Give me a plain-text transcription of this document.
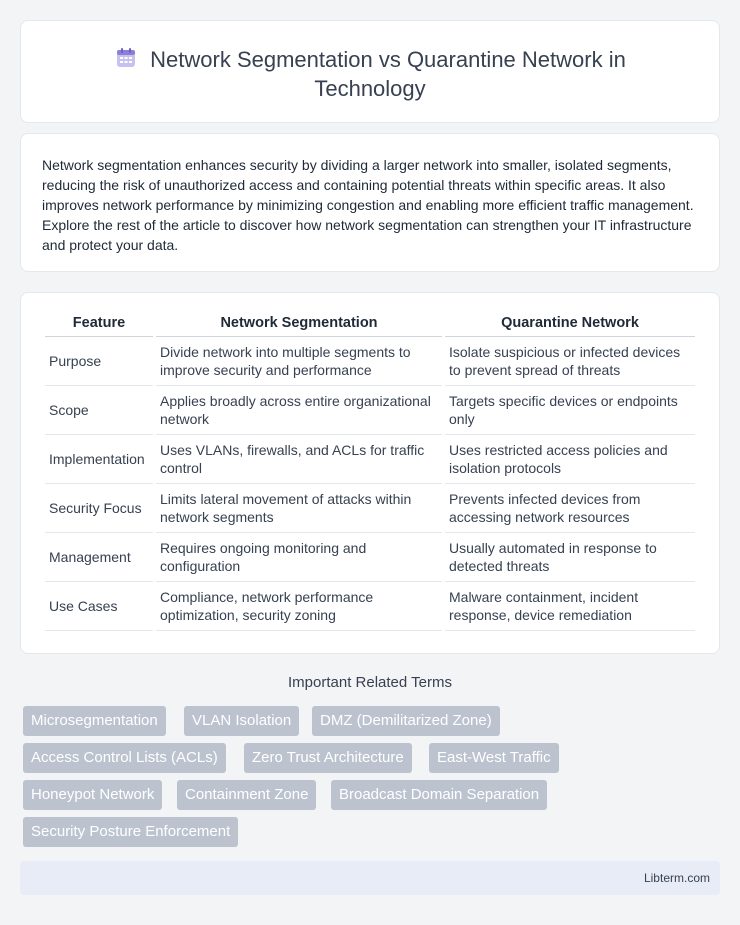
Network Segmentation vs Quarantine Network in
Technology

Network segmentation enhances security by dividing a larger network into smaller, isolated segments, reducing the risk of unauthorized access and containing potential threats within specific areas. It also improves network performance by minimizing congestion and enabling more efficient traffic management. Explore the rest of the article to discover how network segmentation can strengthen your IT infrastructure and protect your data.

Feature	Network Segmentation	Quarantine Network
Purpose	Divide network into multiple segments to improve security and performance	Isolate suspicious or infected devices to prevent spread of threats
Scope	Applies broadly across entire organizational network	Targets specific devices or endpoints only
Implementation	Uses VLANs, firewalls, and ACLs for traffic control	Uses restricted access policies and isolation protocols
Security Focus	Limits lateral movement of attacks within network segments	Prevents infected devices from accessing network resources
Management	Requires ongoing monitoring and configuration	Usually automated in response to detected threats
Use Cases	Compliance, network performance optimization, security zoning	Malware containment, incident response, device remediation
Important Related Terms
Microsegmentation	VLAN Isolation	DMZ (Demilitarized Zone)
Access Control Lists (ACLs)	Zero Trust Architecture	East-West Traffic
Honeypot Network	Containment Zone	Broadcast Domain Separation
Security Posture Enforcement
Libterm.com
